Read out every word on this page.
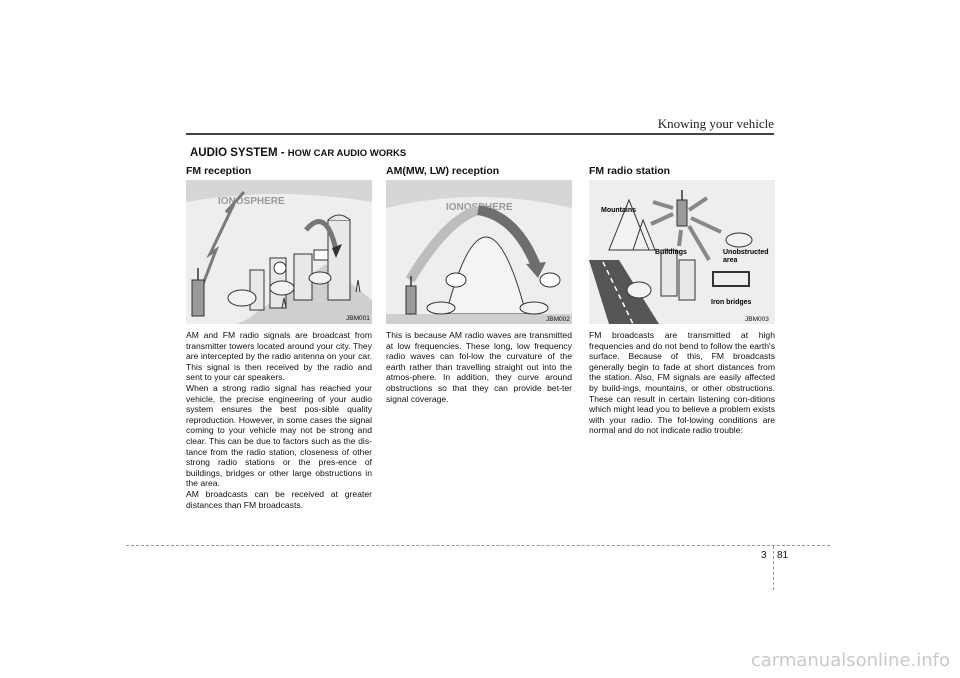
Knowing your vehicle
AUDIO SYSTEM - HOW CAR AUDIO WORKS
FM reception
IONOSPHERE
JBM001

AM and FM radio signals are broadcast from transmitter towers located around your city. They are intercepted by the radio antenna on your car. This signal is then received by the radio and sent to your car speakers.

When a strong radio signal has reached your vehicle, the precise engineering of your audio system ensures the best pos-sible quality reproduction. However, in some cases the signal coming to your vehicle may not be strong and clear. This can be due to factors such as the dis-tance from the radio station, closeness of other strong radio stations or the pres-ence of buildings, bridges or other large obstructions in the area.

AM broadcasts can be received at greater distances than FM broadcasts.

AM(MW, LW) reception
IONOSPHERE
JBM002

This is because AM radio waves are transmitted at low frequencies. These long, low frequency radio waves can fol-low the curvature of the earth rather than travelling straight out into the atmos-phere. In addition, they curve around obstructions so that they can provide bet-ter signal coverage.

FM radio station
Mountains
Buildings	Unobstructed
area
Iron bridges
JBM003

FM broadcasts are transmitted at high frequencies and do not bend to follow the earth's surface. Because of this, FM broadcasts generally begin to fade at short distances from the station. Also, FM signals are easily affected by build-ings, mountains, or other obstructions. These can result in certain listening con-ditions which might lead you to believe a problem exists with your radio. The fol-lowing conditions are normal and do not indicate radio trouble:

3 81
carmanualsonline.info
